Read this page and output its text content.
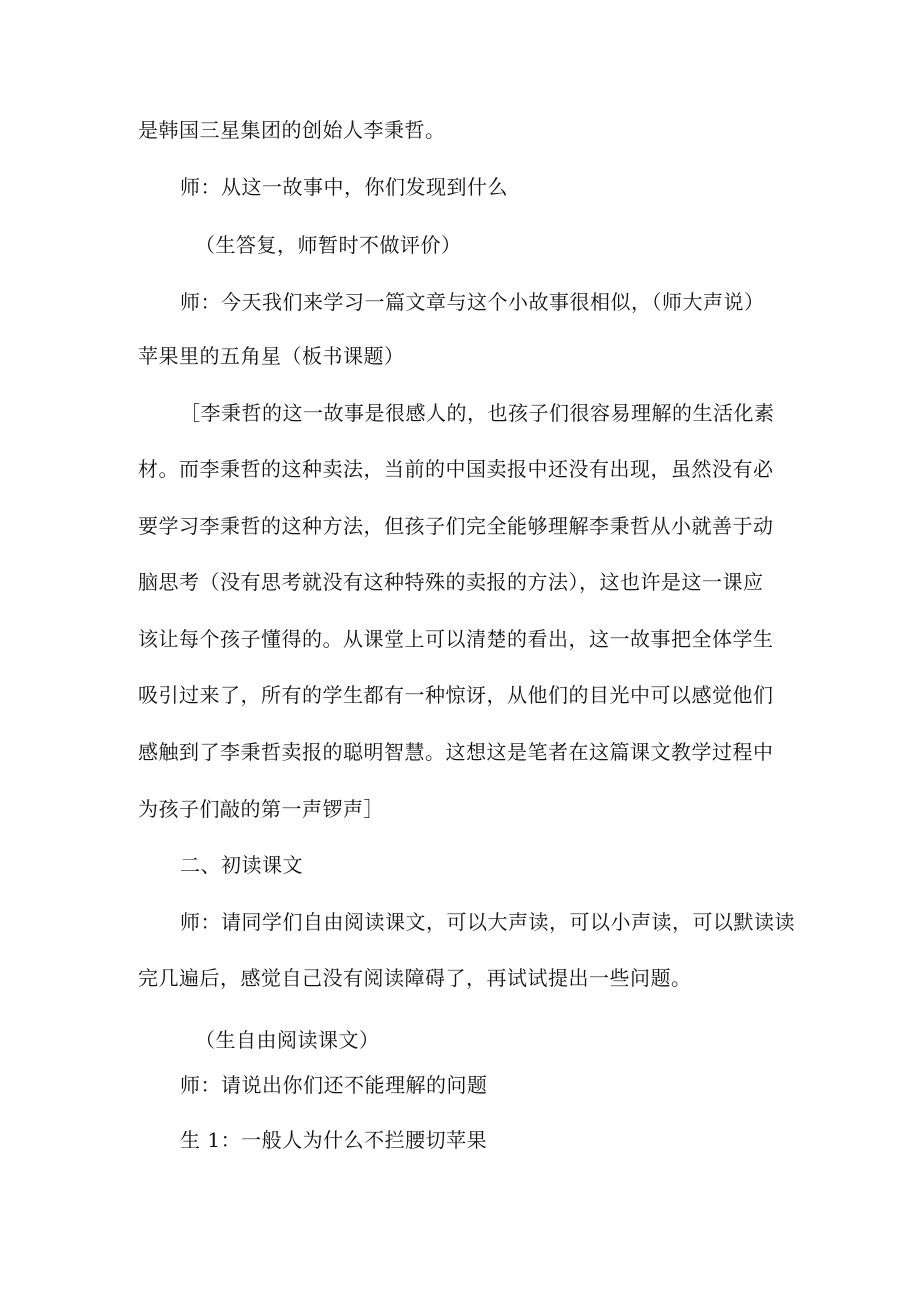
是韩国三星集团的创始人李秉哲。
师：从这一故事中，你们发现到什么
（生答复，师暂时不做评价）
师：今天我们来学习一篇文章与这个小故事很相似，（师大声说）
苹果里的五角星（板书课题）
［李秉哲的这一故事是很感人的，也孩子们很容易理解的生活化素
材。而李秉哲的这种卖法，当前的中国卖报中还没有出现，虽然没有必
要学习李秉哲的这种方法，但孩子们完全能够理解李秉哲从小就善于动
脑思考（没有思考就没有这种特殊的卖报的方法），这也许是这一课应
该让每个孩子懂得的。从课堂上可以清楚的看出，这一故事把全体学生
吸引过来了，所有的学生都有一种惊讶，从他们的目光中可以感觉他们
感触到了李秉哲卖报的聪明智慧。这想这是笔者在这篇课文教学过程中
为孩子们敲的第一声锣声］
二、初读课文
师：请同学们自由阅读课文，可以大声读，可以小声读，可以默读读
完几遍后，感觉自己没有阅读障碍了，再试试提出一些问题。
（生自由阅读课文）
师：请说出你们还不能理解的问题
生 1：一般人为什么不拦腰切苹果
